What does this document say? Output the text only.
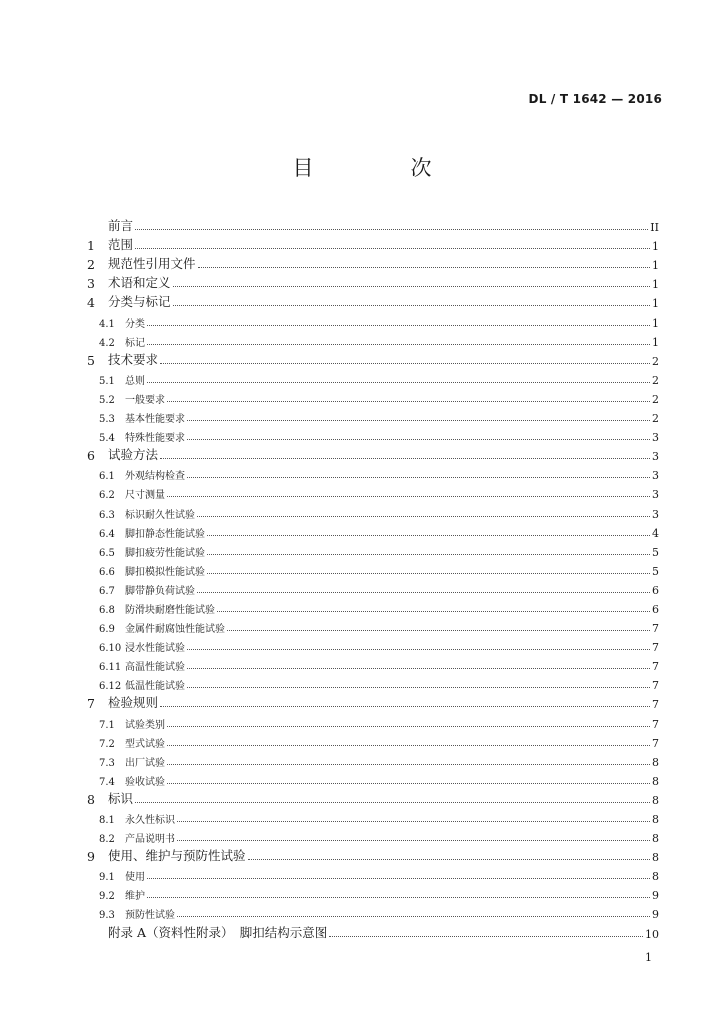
DL / T 1642 — 2016
目　次
前言	II
1	范围	1
2	规范性引用文件	1
3	术语和定义	1
4	分类与标记	1
4.1	分类	1
4.2	标记	1
5	技术要求	2
5.1	总则	2
5.2	一般要求	2
5.3	基本性能要求	2
5.4	特殊性能要求	3
6	试验方法	3
6.1	外观结构检查	3
6.2	尺寸测量	3
6.3	标识耐久性试验	3
6.4	脚扣静态性能试验	4
6.5	脚扣疲劳性能试验	5
6.6	脚扣模拟性能试验	5
6.7	脚带静负荷试验	6
6.8	防滑块耐磨性能试验	6
6.9	金属件耐腐蚀性能试验	7
6.10 浸水性能试验	7
6.11 高温性能试验	7
6.12 低温性能试验	7
7	检验规则	7
7.1	试验类别	7
7.2	型式试验	7
7.3	出厂试验	8
7.4	验收试验	8
8	标识	8
8.1	永久性标识	8
8.2	产品说明书	8
9	使用、维护与预防性试验	8
9.1	使用	8
9.2	维护	9
9.3	预防性试验	9
附录 A（资料性附录）　脚扣结构示意图	10
1
